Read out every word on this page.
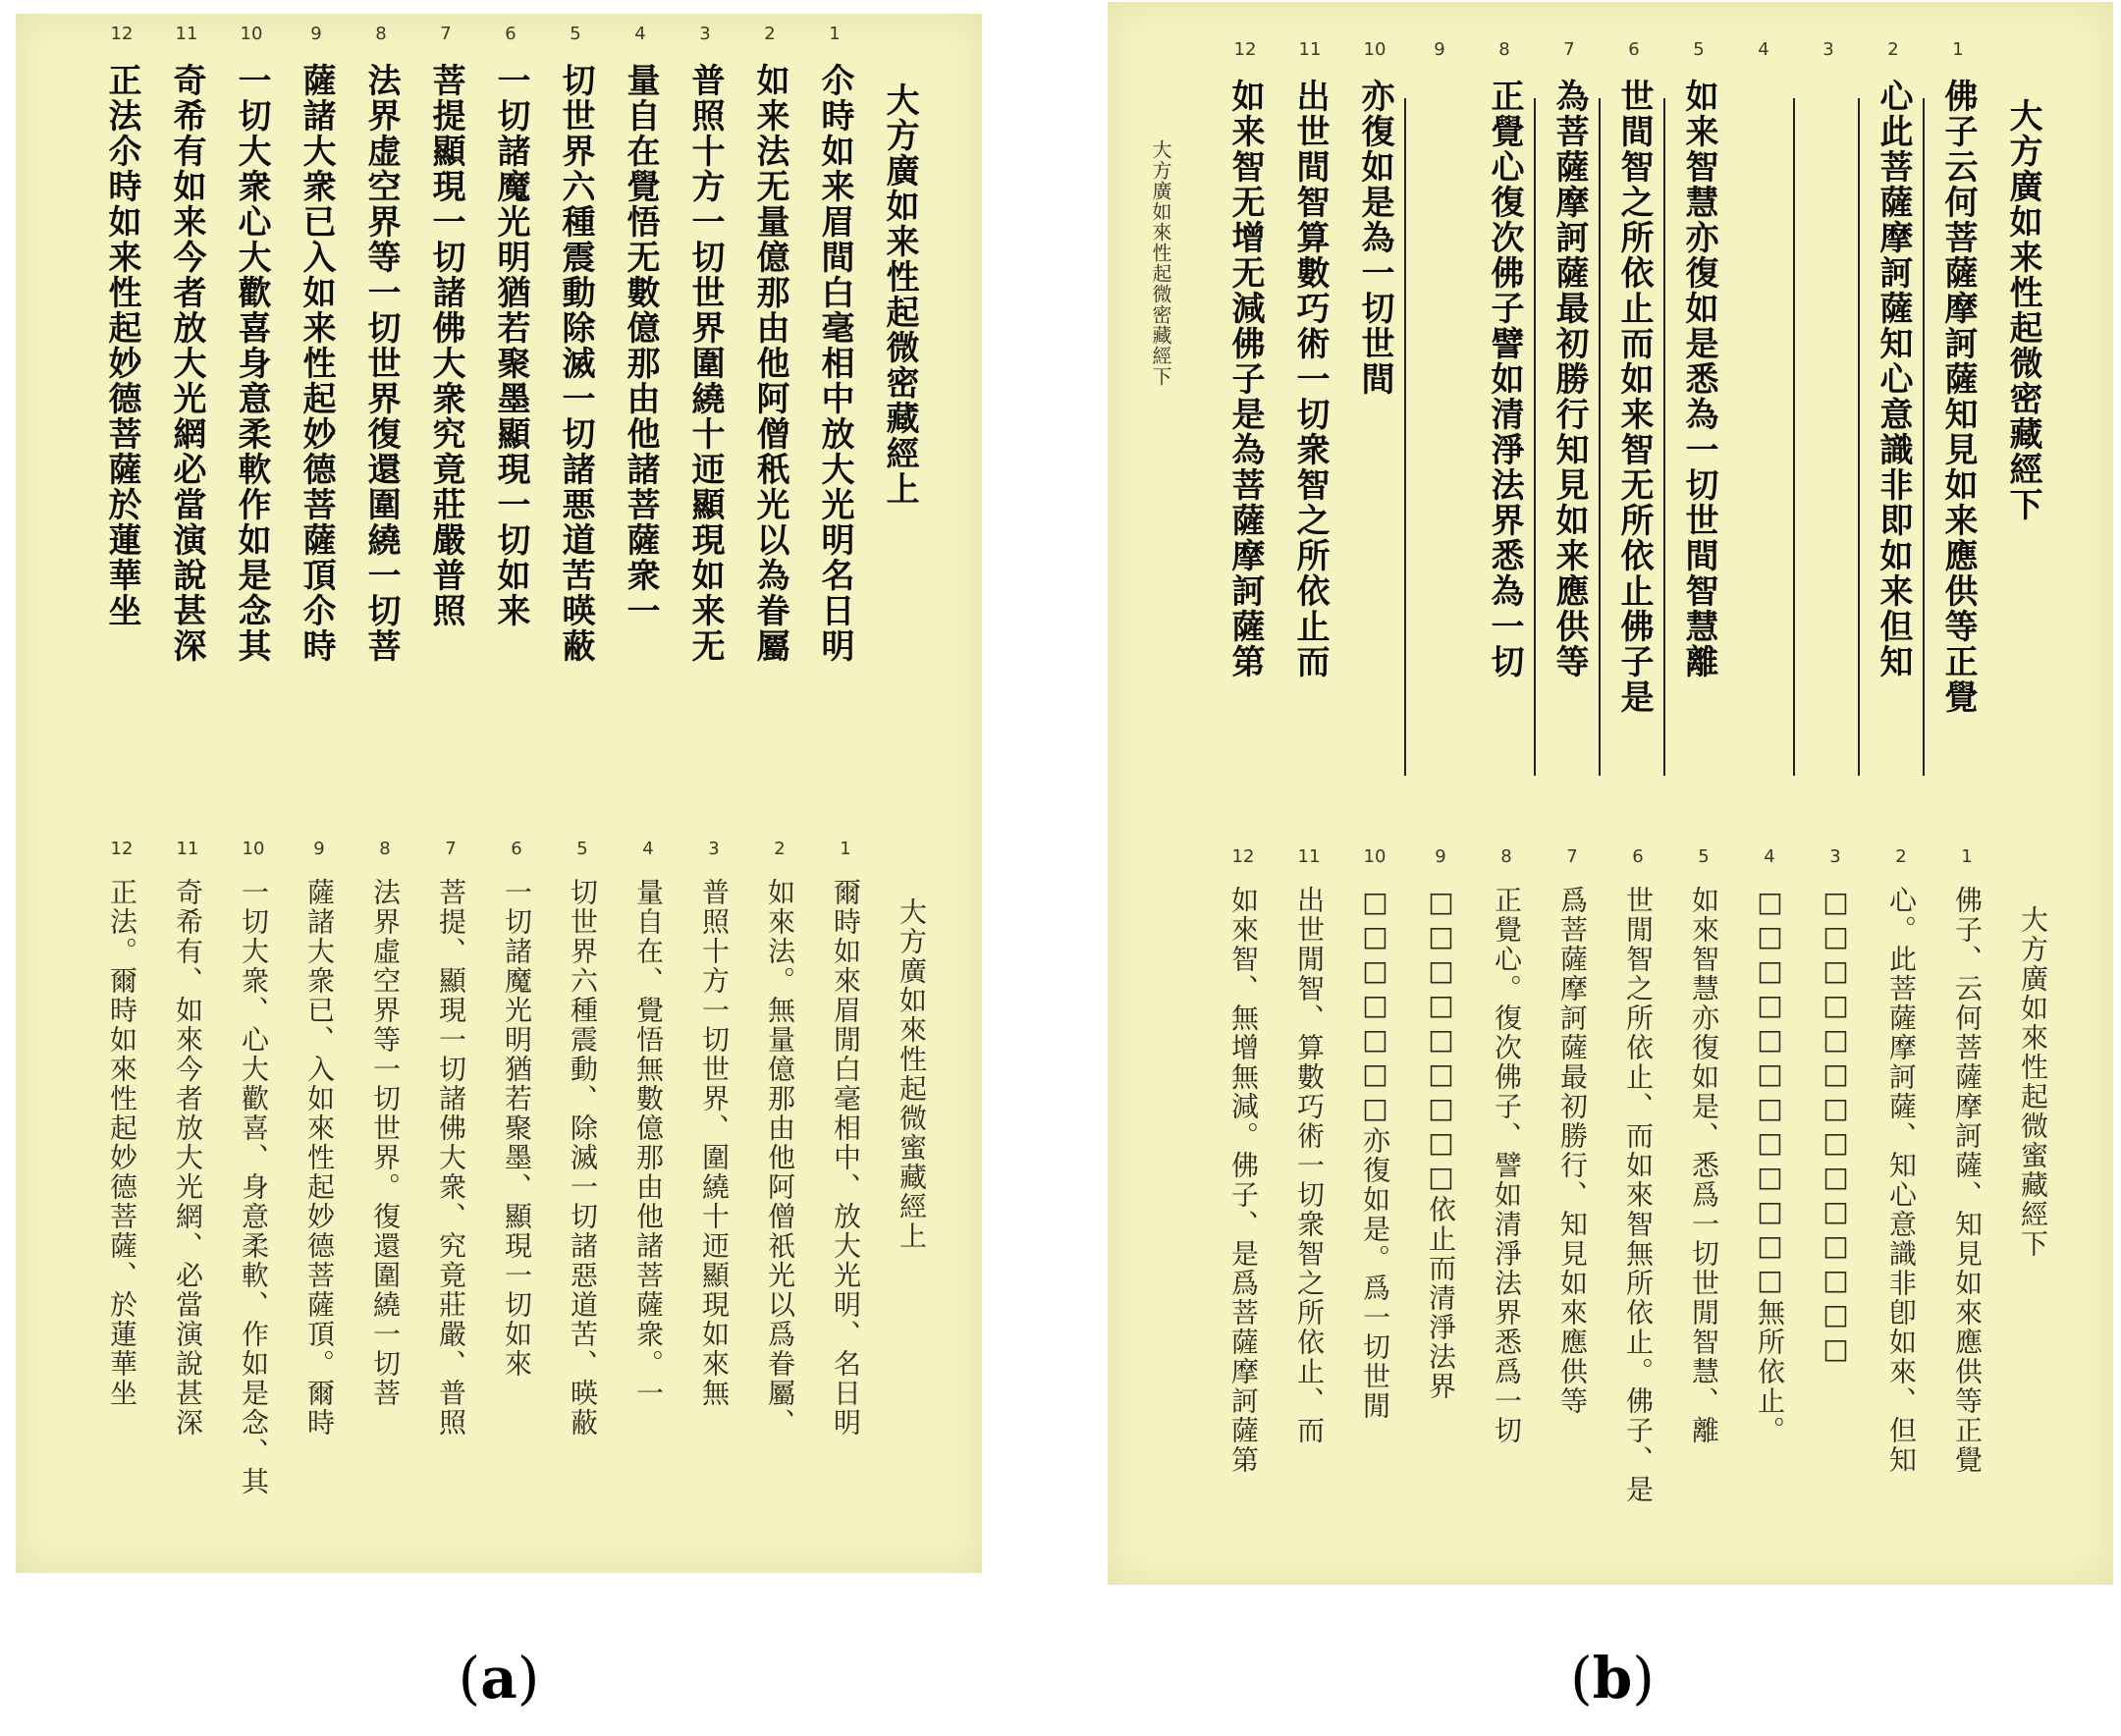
大方廣如来性起微密藏經上
1
尒時如来眉間白毫相中放大光明名日明
2
如来法无量億那由他阿僧秖光以為眷屬
3
普照十方一切世界圍繞十迊顯現如来无
4
量自在覺悟无數億那由他諸菩薩衆一
5
切世界六種震動除滅一切諸悪道苦暎蔽
6
一切諸魔光明猶若聚墨顯現一切如来
7
菩提顯現一切諸佛大衆究竟莊嚴普照
8
法界虚空界等一切世界復還圍繞一切菩
9
薩諸大衆已入如来性起妙德菩薩頂尒時
10
一切大衆心大歡喜身意柔軟作如是念其
11
奇希有如来今者放大光網必當演說甚深
12
正法尒時如来性起妙德菩薩於蓮華坐
大方廣如來性起微蜜藏經上
1
爾時如來眉閒白毫相中、放大光明、名日明
2
如來法。無量億那由他阿僧祇光以爲眷屬、
3
普照十方一切世界、圍繞十迊顯現如來無
4
量自在、覺悟無數億那由他諸菩薩衆。一
5
切世界六種震動、除滅一切諸惡道苦、暎蔽
6
一切諸魔光明猶若聚墨、顯現一切如來
7
菩提、顯現一切諸佛大衆、究竟莊嚴、普照
8
法界虛空界等一切世界。復還圍繞一切菩
9
薩諸大衆已、入如來性起妙德菩薩頂。爾時
10
一切大衆、心大歡喜、身意柔軟、作如是念、其
11
奇希有、如來今者放大光網、必當演說甚深
12
正法。爾時如來性起妙德菩薩、於蓮華坐
大方廣如來性起微密藏經下	大方廣如来性起微密藏經下
1
佛子云何菩薩摩訶薩知見如来應供等正覺
2
心此菩薩摩訶薩知心意識非即如来但知
3
4
5
如来智慧亦復如是悉為一切世間智慧離
6
世間智之所依止而如来智无所依止佛子是
7
為菩薩摩訶薩最初勝行知見如来應供等
8
正覺心復次佛子譬如清淨法界悉為一切
9
10
亦復如是為一切世間
11
出世間智算數巧術一切衆智之所依止而
12
如来智无增无減佛子是為菩薩摩訶薩第
大方廣如來性起微蜜藏經下
1
佛子、云何菩薩摩訶薩、知見如來應供等正覺
2
心。此菩薩摩訶薩、知心意識非卽如來、但知
3
□□□□□□□□□□□□□□
4
□□□□□□□□□□□□無所依止。
5
如來智慧亦復如是、悉爲一切世閒智慧、離
6
世閒智之所依止、而如來智無所依止。佛子、是
7
爲菩薩摩訶薩最初勝行、知見如來應供等
8
正覺心。復次佛子、譬如清淨法界悉爲一切
9
□□□□□□□□□依止而清淨法界
10
□□□□□□□亦復如是。爲一切世閒
11
出世閒智、算數巧術一切衆智之所依止、而
12
如來智、無增無減。佛子、是爲菩薩摩訶薩第
(a)	(b)
